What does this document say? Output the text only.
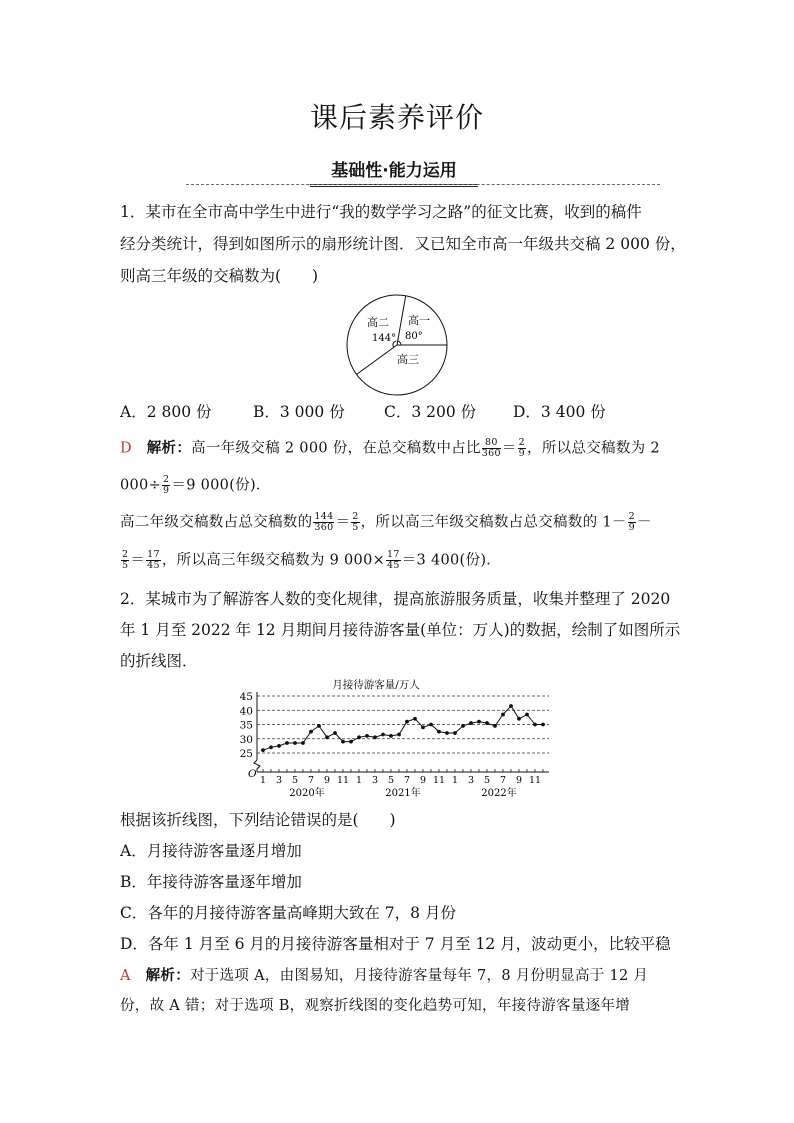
课后素养评价
基础性·能力运用

1．某市在全市高中学生中进行“我的数学学习之路”的征文比赛，收到的稿件

经分类统计，得到如图所示的扇形统计图．又已知全市高一年级共交稿 2 000 份，

则高三年级的交稿数为(　　)

高二
144°
高一
80°
高三
A．2 800 份	B．3 000 份	C．3 200 份 D．3 400 份
D　 解析：高一年级交稿 2 000 份，在总交稿数中占比 $\frac{80}{360} = \frac{2}{9}$ ，所以总交稿数为 2
$000\div \frac{2}{9} =9$ 000(份)．
高二年级交稿数占总交稿数的 $\frac{144}{360} = \frac{2}{5}$ ，所以高三年级交稿数占总交稿数的 $1- \frac{2}{9}$ －
$\frac{2}{5} = \frac{17}{45}$ ，所以高三年级交稿数为 9 $000\times \frac{17}{45} =3$ 400(份)．

2．某城市为了解游客人数的变化规律，提高旅游服务质量，收集并整理了 2020

年 1 月至 2022 年 12 月期间月接待游客量(单位：万人)的数据，绘制了如图所示

的折线图．

月接待游客量/万人
25
30
35
40
45
O
1 3 5 7 9 11 1 3 5 7 9 11 1 3 5 7 9 11
2020年	2021年	2022年

根据该折线图，下列结论错误的是(　　)

A．月接待游客量逐月增加

B．年接待游客量逐年增加

C．各年的月接待游客量高峰期大致在 7，8 月份

D．各年 1 月至 6 月的月接待游客量相对于 7 月至 12 月，波动更小，比较平稳

A　 解析：对于选项 A，由图易知，月接待游客量每年 7，8 月份明显高于 12 月
份，故 A 错；对于选项 B，观察折线图的变化趋势可知，年接待游客量逐年增
